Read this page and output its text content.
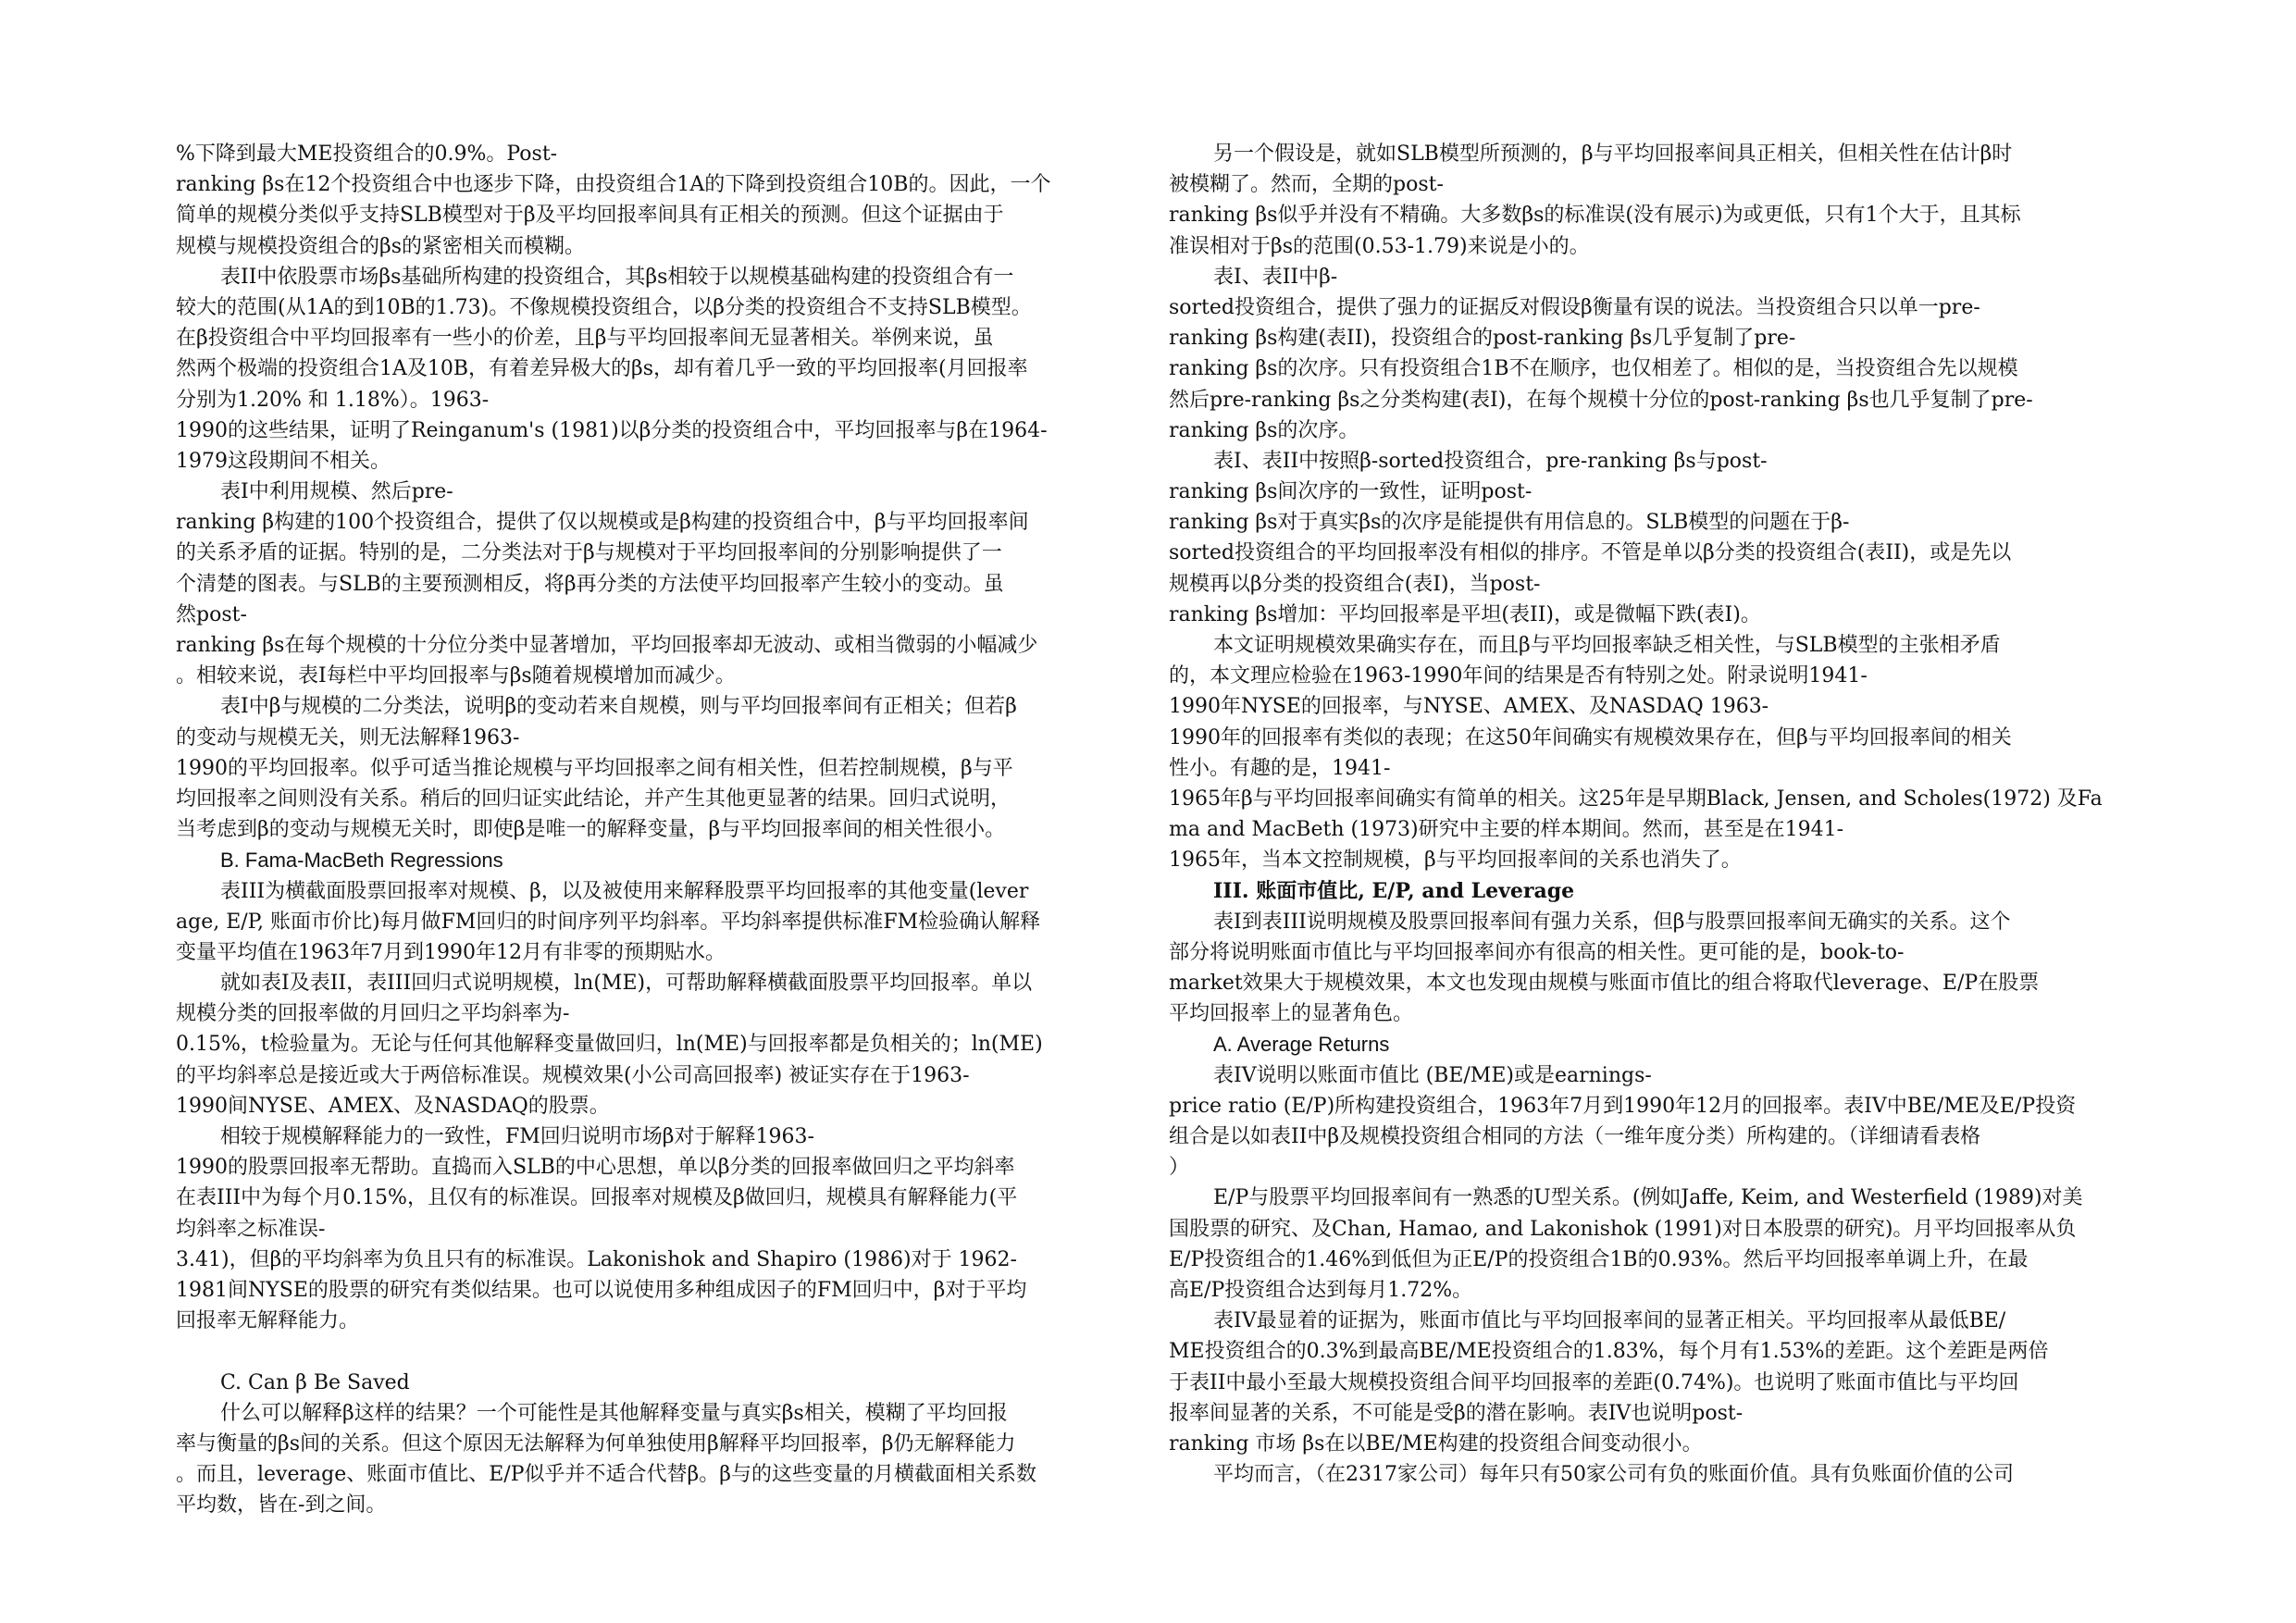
%下降到最大ME投资组合的0.9%。Post-
ranking βs在12个投资组合中也逐步下降，由投资组合1A的下降到投资组合10B的。因此，一个
简单的规模分类似乎支持SLB模型对于β及平均回报率间具有正相关的预测。但这个证据由于
规模与规模投资组合的βs的紧密相关而模糊。
表II中依股票市场βs基础所构建的投资组合，其βs相较于以规模基础构建的投资组合有一
较大的范围(从1A的到10B的1.73)。不像规模投资组合，以β分类的投资组合不支持SLB模型。
在β投资组合中平均回报率有一些小的价差，且β与平均回报率间无显著相关。举例来说，虽
然两个极端的投资组合1A及10B，有着差异极大的βs，却有着几乎一致的平均回报率(月回报率
分别为1.20% 和 1.18%）。1963-
1990的这些结果，证明了Reinganum's (1981)以β分类的投资组合中，平均回报率与β在1964-
1979这段期间不相关。
表I中利用规模、然后pre-
ranking β构建的100个投资组合，提供了仅以规模或是β构建的投资组合中，β与平均回报率间
的关系矛盾的证据。特别的是，二分类法对于β与规模对于平均回报率间的分别影响提供了一
个清楚的图表。与SLB的主要预测相反，将β再分类的方法使平均回报率产生较小的变动。虽
然post-
ranking βs在每个规模的十分位分类中显著增加，平均回报率却无波动、或相当微弱的小幅减少
。相较来说，表I每栏中平均回报率与βs随着规模增加而减少。
表I中β与规模的二分类法，说明β的变动若来自规模，则与平均回报率间有正相关；但若β
的变动与规模无关，则无法解释1963-
1990的平均回报率。似乎可适当推论规模与平均回报率之间有相关性，但若控制规模，β与平
均回报率之间则没有关系。稍后的回归证实此结论，并产生其他更显著的结果。回归式说明，
当考虑到β的变动与规模无关时，即使β是唯一的解释变量，β与平均回报率间的相关性很小。
B. Fama-MacBeth Regressions
表III为横截面股票回报率对规模、β，以及被使用来解释股票平均回报率的其他变量(lever
age, E/P, 账面市价比)每月做FM回归的时间序列平均斜率。平均斜率提供标准FM检验确认解释
变量平均值在1963年7月到1990年12月有非零的预期贴水。
就如表I及表II，表III回归式说明规模，ln(ME)，可帮助解释横截面股票平均回报率。单以
规模分类的回报率做的月回归之平均斜率为-
0.15%，t检验量为。无论与任何其他解释变量做回归，ln(ME)与回报率都是负相关的；ln(ME)
的平均斜率总是接近或大于两倍标准误。规模效果(小公司高回报率) 被证实存在于1963-
1990间NYSE、AMEX、及NASDAQ的股票。
相较于规模解释能力的一致性，FM回归说明市场β对于解释1963-
1990的股票回报率无帮助。直捣而入SLB的中心思想，单以β分类的回报率做回归之平均斜率
在表III中为每个月0.15%，且仅有的标准误。回报率对规模及β做回归，规模具有解释能力(平
均斜率之标准误-
3.41)，但β的平均斜率为负且只有的标准误。Lakonishok and Shapiro (1986)对于 1962-
1981间NYSE的股票的研究有类似结果。也可以说使用多种组成因子的FM回归中，β对于平均
回报率无解释能力。
C. Can β Be Saved
什么可以解释β这样的结果？一个可能性是其他解释变量与真实βs相关，模糊了平均回报
率与衡量的βs间的关系。但这个原因无法解释为何单独使用β解释平均回报率，β仍无解释能力
。而且，leverage、账面市值比、E/P似乎并不适合代替β。β与的这些变量的月横截面相关系数
平均数，皆在-到之间。
另一个假设是，就如SLB模型所预测的，β与平均回报率间具正相关，但相关性在估计β时
被模糊了。然而，全期的post-
ranking βs似乎并没有不精确。大多数βs的标准误(没有展示)为或更低，只有1个大于，且其标
准误相对于βs的范围(0.53-1.79)来说是小的。
表I、表II中β-
sorted投资组合，提供了强力的证据反对假设β衡量有误的说法。当投资组合只以单一pre-
ranking βs构建(表II)，投资组合的post-ranking βs几乎复制了pre-
ranking βs的次序。只有投资组合1B不在顺序，也仅相差了。相似的是，当投资组合先以规模
然后pre-ranking βs之分类构建(表I)，在每个规模十分位的post-ranking βs也几乎复制了pre-
ranking βs的次序。
表I、表II中按照β-sorted投资组合，pre-ranking βs与post-
ranking βs间次序的一致性，证明post-
ranking βs对于真实βs的次序是能提供有用信息的。SLB模型的问题在于β-
sorted投资组合的平均回报率没有相似的排序。不管是单以β分类的投资组合(表II)，或是先以
规模再以β分类的投资组合(表I)，当post-
ranking βs增加：平均回报率是平坦(表II)，或是微幅下跌(表I)。
本文证明规模效果确实存在，而且β与平均回报率缺乏相关性，与SLB模型的主张相矛盾
的，本文理应检验在1963-1990年间的结果是否有特别之处。附录说明1941-
1990年NYSE的回报率，与NYSE、AMEX、及NASDAQ 1963-
1990年的回报率有类似的表现；在这50年间确实有规模效果存在，但β与平均回报率间的相关
性小。有趣的是，1941-
1965年β与平均回报率间确实有简单的相关。这25年是早期Black, Jensen, and Scholes(1972) 及Fa
ma and MacBeth (1973)研究中主要的样本期间。然而，甚至是在1941-
1965年，当本文控制规模，β与平均回报率间的关系也消失了。
III. 账面市值比, E/P, and Leverage
表I到表III说明规模及股票回报率间有强力关系，但β与股票回报率间无确实的关系。这个
部分将说明账面市值比与平均回报率间亦有很高的相关性。更可能的是，book-to-
market效果大于规模效果，本文也发现由规模与账面市值比的组合将取代leverage、E/P在股票
平均回报率上的显著角色。
A. Average Returns
表IV说明以账面市值比 (BE/ME)或是earnings-
price ratio (E/P)所构建投资组合，1963年7月到1990年12月的回报率。表IV中BE/ME及E/P投资
组合是以如表II中β及规模投资组合相同的方法（一维年度分类）所构建的。（详细请看表格
）
E/P与股票平均回报率间有一熟悉的U型关系。(例如Jaffe, Keim, and Westerfield (1989)对美
国股票的研究、及Chan, Hamao, and Lakonishok (1991)对日本股票的研究)。月平均回报率从负
E/P投资组合的1.46%到低但为正E/P的投资组合1B的0.93%。然后平均回报率单调上升，在最
高E/P投资组合达到每月1.72%。
表IV最显着的证据为，账面市值比与平均回报率间的显著正相关。平均回报率从最低BE/
ME投资组合的0.3%到最高BE/ME投资组合的1.83%，每个月有1.53%的差距。这个差距是两倍
于表II中最小至最大规模投资组合间平均回报率的差距(0.74%)。也说明了账面市值比与平均回
报率间显著的关系，不可能是受β的潜在影响。表IV也说明post-
ranking 市场 βs在以BE/ME构建的投资组合间变动很小。
平均而言，（在2317家公司）每年只有50家公司有负的账面价值。具有负账面价值的公司
